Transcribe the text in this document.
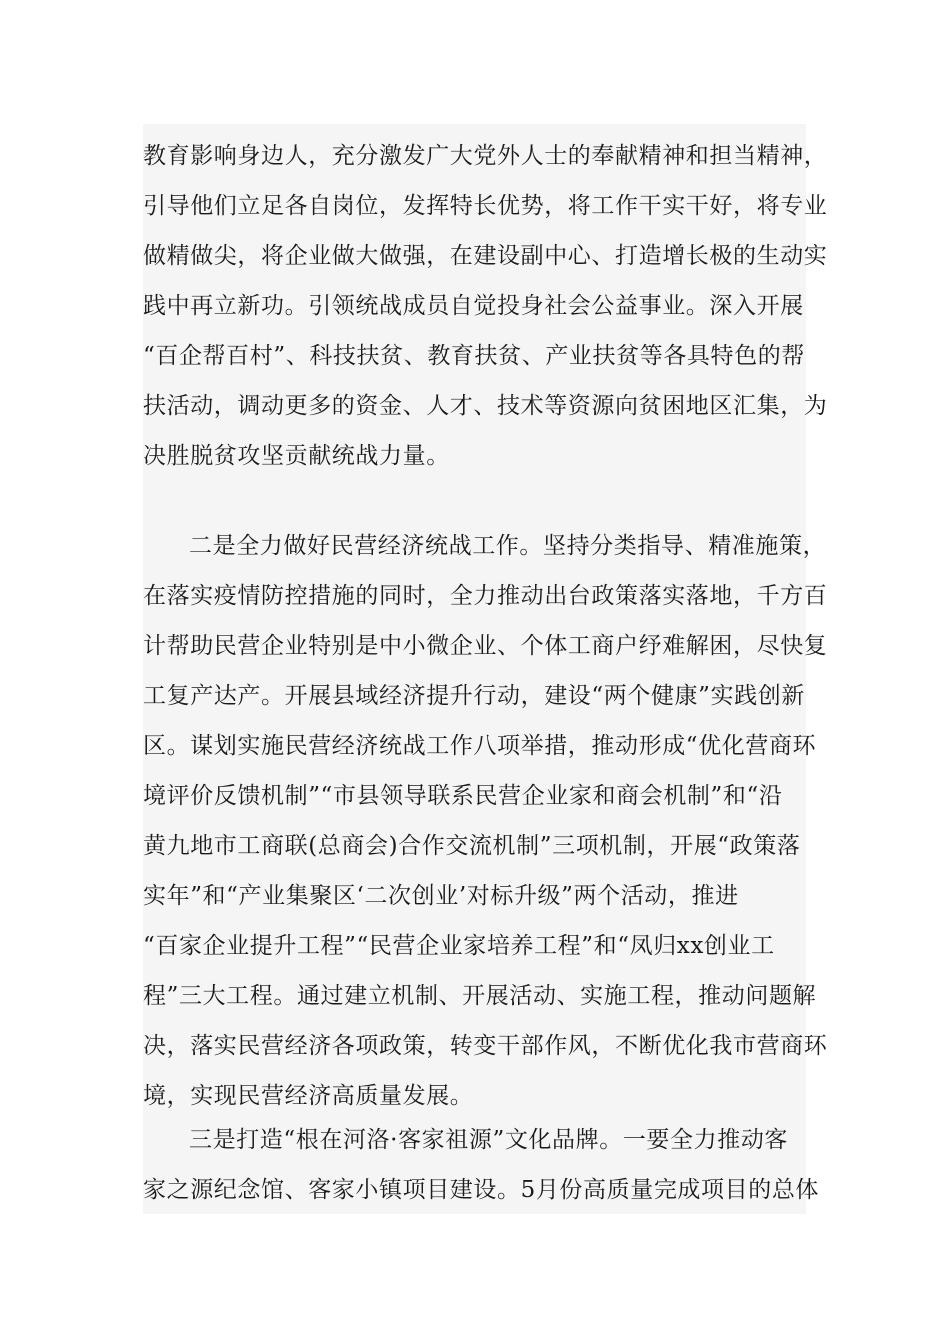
教育影响身边人，充分激发广大党外人士的奉献精神和担当精神，
引导他们立足各自岗位，发挥特长优势，将工作干实干好，将专业
做精做尖，将企业做大做强，在建设副中心、打造增长极的生动实
践中再立新功。引领统战成员自觉投身社会公益事业。深入开展
“百企帮百村”、科技扶贫、教育扶贫、产业扶贫等各具特色的帮
扶活动，调动更多的资金、人才、技术等资源向贫困地区汇集，为
决胜脱贫攻坚贡献统战力量。
二是全力做好民营经济统战工作。坚持分类指导、精准施策，
在落实疫情防控措施的同时，全力推动出台政策落实落地，千方百
计帮助民营企业特别是中小微企业、个体工商户纾难解困，尽快复
工复产达产。开展县域经济提升行动，建设“两个健康”实践创新
区。谋划实施民营经济统战工作八项举措，推动形成“优化营商环
境评价反馈机制”“市县领导联系民营企业家和商会机制”和“沿
黄九地市工商联(总商会)合作交流机制”三项机制，开展“政策落
实年”和“产业集聚区‘二次创业’对标升级”两个活动，推进
“百家企业提升工程”“民营企业家培养工程”和“凤归xx创业工
程”三大工程。通过建立机制、开展活动、实施工程，推动问题解
决，落实民营经济各项政策，转变干部作风，不断优化我市营商环
境，实现民营经济高质量发展。
三是打造“根在河洛·客家祖源”文化品牌。一要全力推动客
家之源纪念馆、客家小镇项目建设。5月份高质量完成项目的总体
